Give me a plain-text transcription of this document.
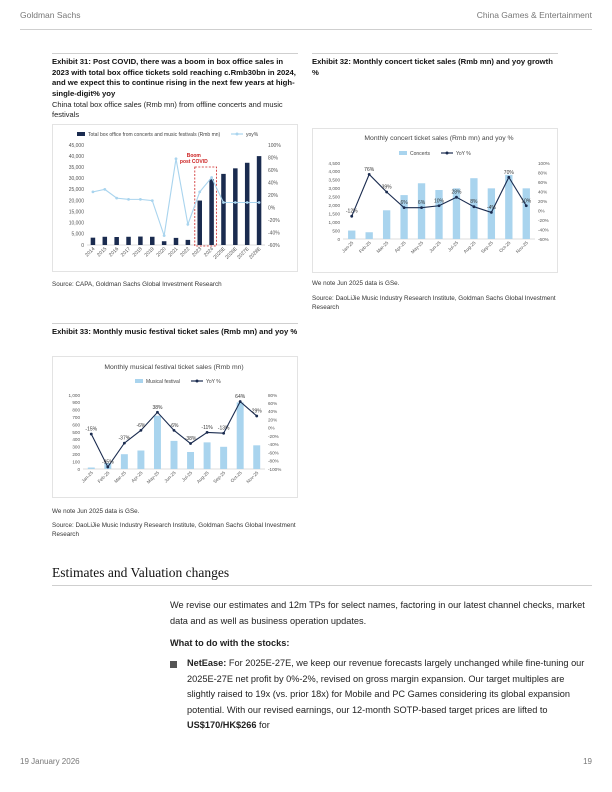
Goldman Sachs	China Games & Entertainment
Exhibit 31: Post COVID, there was a boom in box office sales in 2023 with total box office tickets sold reaching c.Rmb30bn in 2024, and we expect this to continue rising in the next few years at high-single-digit% yoy
China total box office sales (Rmb mn) from offline concerts and music festivals
Total box office from concerts and music festivals (Rmb mn)	yoy%
0
5,000
10,000
15,000
20,000
25,000
30,000
35,000
40,000
45,000
-60%
-40%
-20%
0%
20%
40%
60%
80%
100%
Boom
post COVID
2014 2015 2016 2017 2018 2019 2020 2021 2022 2023 2024
2025E
2026E
2027E
2028E
Source: CAPA, Goldman Sachs Global Investment Research
Exhibit 32: Monthly concert ticket sales (Rmb mn) and yoy growth %
Monthly concert ticket sales (Rmb mn) and yoy %
Concerts	YoY %
0
500
1,000
1,500
2,000
2,500
3,000
3,500
4,000
4,500
-60%
-40%
-20%
0%
20%
40%
60%
80%
100%
-12%
76%
39%
6% 6% 10%
28%
8%
-4%
70%
10%
Jan-25 Feb-25 Mar-25 Apr-25 May-25 Jun-25 Jul-25 Aug-25 Sep-25 Oct-25 Nov-25
We note Jun 2025 data is GSe.
Source: DaoLiJie Music Industry Research Institute, Goldman Sachs Global Investment Research
Exhibit 33: Monthly music festival ticket sales (Rmb mn) and yoy %
Monthly musical festival ticket sales (Rmb mn)
Musical festival	YoY %
0
100
200
300
400
500
600
700
800
900
1,000
-100%
-80%
-60%
-40%
-20%
0%
20%
40%
60%
80%
-15%
-95%
-37%
-6%
38%
-6%
-38%
-11% -13%
64%
29%
Jan-25 Feb-25 Mar-25 Apr-25 May-25 Jun-25 Jul-25 Aug-25 Sep-25 Oct-25 Nov-25
We note Jun 2025 data is GSe.
Source: DaoLiJie Music Industry Research Institute, Goldman Sachs Global Investment Research
Estimates and Valuation changes
We revise our estimates and 12m TPs for select names, factoring in our latest channel checks, market data and as well as business operation updates.
What to do with the stocks:
NetEase: For 2025E-27E, we keep our revenue forecasts largely unchanged while fine-tuning our 2025E-27E net profit by 0%-2%, revised on gross margin expansion. Our target multiples are slightly raised to 19x (vs. prior 18x) for Mobile and PC Games considering its global expansion potential. With our revised earnings, our 12-month SOTP-based target prices are lifted to US$170/HK$266 for
19 January 2026	19
